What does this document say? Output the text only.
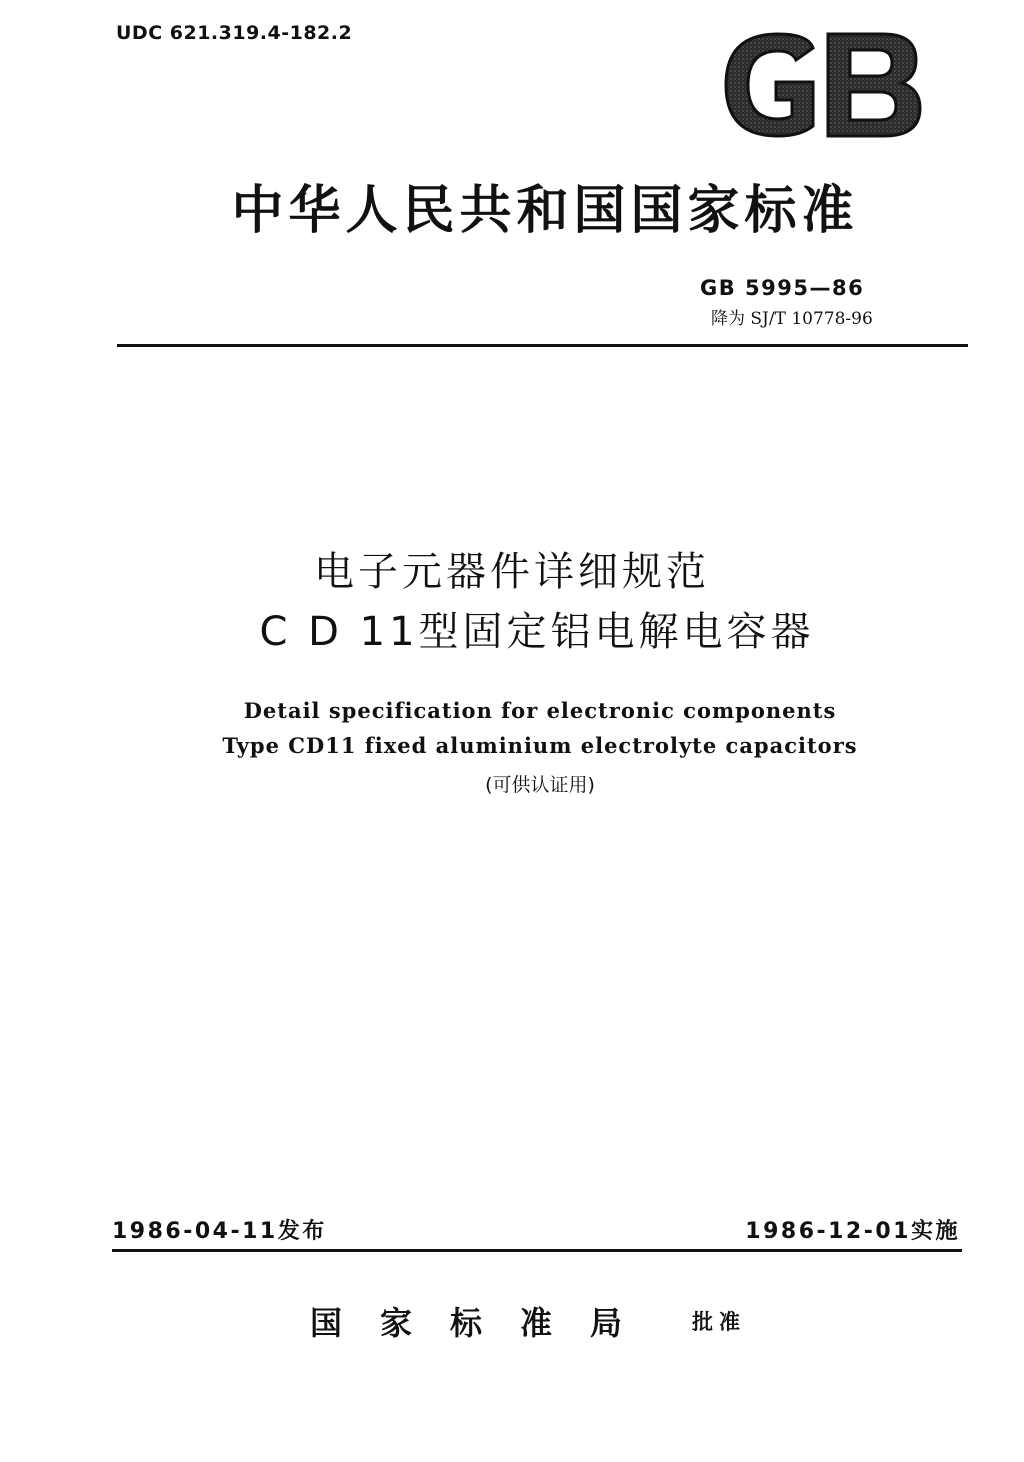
UDC 621.319.4-182.2
中华人民共和国国家标准
GB 5995—86
降为 SJ/T 10778-96
电子元器件详细规范
C D 11型固定铝电解电容器
Detail specification for electronic components
Type CD11 fixed aluminium electrolyte capacitors
(可供认证用)
1986-04-11发布	1986-12-01实施
国家标准局 批准
